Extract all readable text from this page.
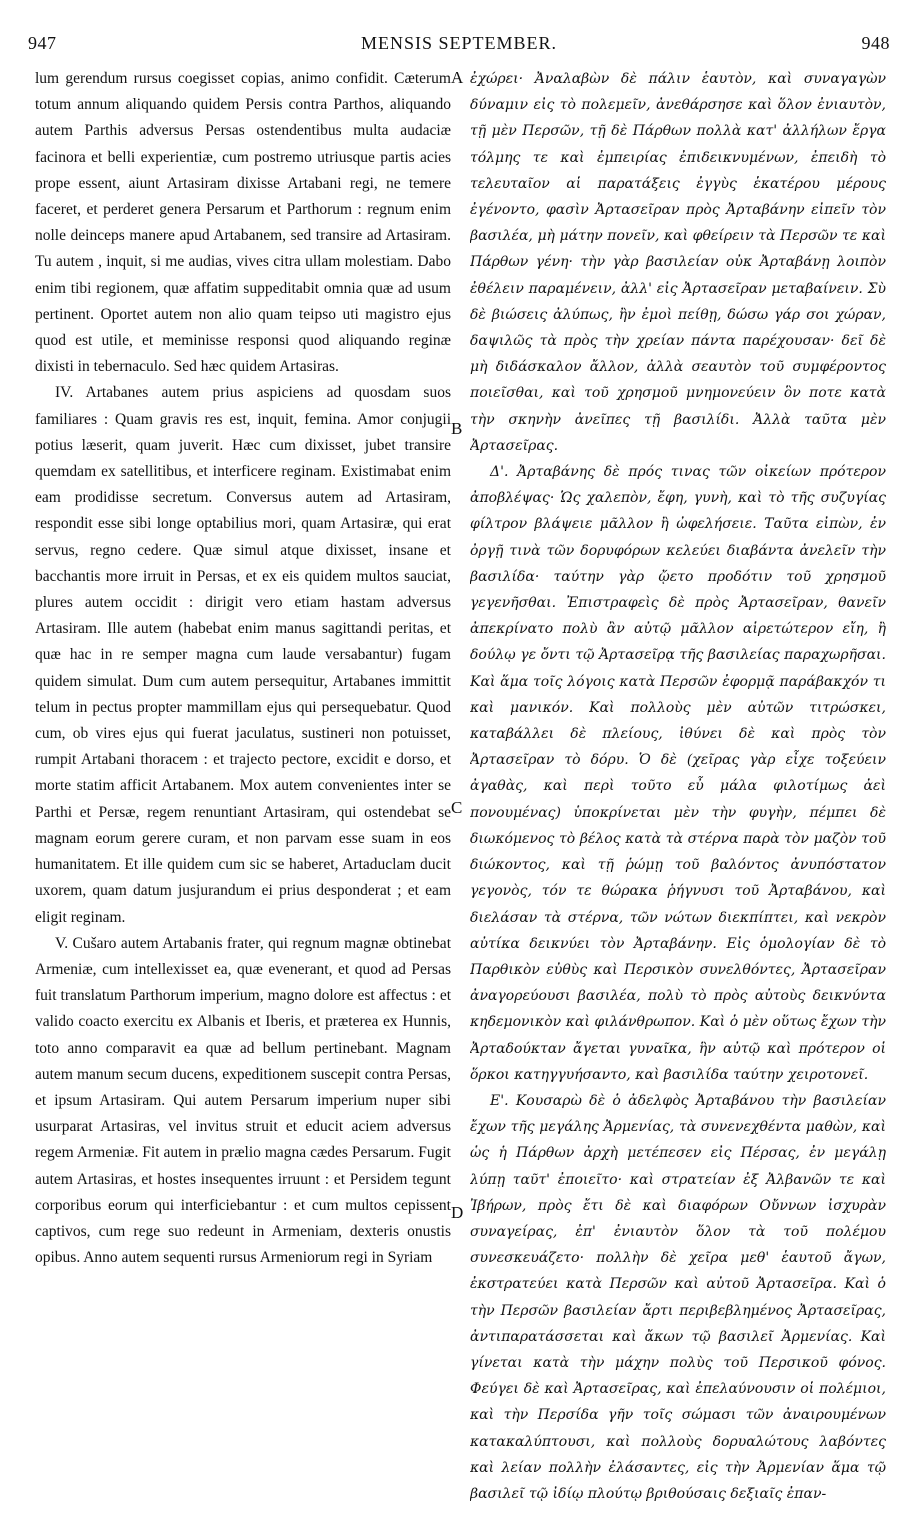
947	MENSIS SEPTEMBER.	948

lum gerendum rursus coegisset copias, animo confidit. Cæterum totum annum aliquando quidem Persis contra Parthos, aliquando autem Parthis adversus Persas ostendentibus multa audaciæ facinora et belli experientiæ, cum postremo utriusque partis acies prope essent, aiunt Artasiram dixisse Artabani regi, ne temere faceret, et perderet genera Persarum et Parthorum : regnum enim nolle deinceps manere apud Artabanem, sed transire ad Artasiram. Tu autem , inquit, si me audias, vives citra ullam molestiam. Dabo enim tibi regionem, quæ affatim suppeditabit omnia quæ ad usum pertinent. Oportet autem non alio quam teipso uti magistro ejus quod est utile, et meminisse responsi quod aliquando reginæ dixisti in tebernaculo. Sed hæc quidem Artasiras.

IV. Artabanes autem prius aspiciens ad quosdam suos familiares : Quam gravis res est, inquit, femina. Amor conjugii potius læserit, quam juverit. Hæc cum dixisset, jubet transire quemdam ex satellitibus, et interficere reginam. Existimabat enim eam prodidisse secretum. Conversus autem ad Artasiram, respondit esse sibi longe optabilius mori, quam Artasiræ, qui erat servus, regno cedere. Quæ simul atque dixisset, insane et bacchantis more irruit in Persas, et ex eis quidem multos sauciat, plures autem occidit : dirigit vero etiam hastam adversus Artasiram. Ille autem (habebat enim manus sagittandi peritas, et quæ hac in re semper magna cum laude versabantur) fugam quidem simulat. Dum cum autem persequitur, Artabanes immittit telum in pectus propter mammillam ejus qui persequebatur. Quod cum, ob vires ejus qui fuerat jaculatus, sustineri non potuisset, rumpit Artabani thoracem : et trajecto pectore, excidit e dorso, et morte statim afficit Artabanem. Mox autem convenientes inter se Parthi et Persæ, regem renuntiant Artasiram, qui ostendebat se magnam eorum gerere curam, et non parvam esse suam in eos humanitatem. Et ille quidem cum sic se haberet, Artaduclam ducit uxorem, quam datum jusjurandum ei prius desponderat ; et eam eligit reginam.

V. Cušaro autem Artabanis frater, qui regnum magnæ obtinebat Armeniæ, cum intellexisset ea, quæ evenerant, et quod ad Persas fuit translatum Parthorum imperium, magno dolore est affectus : et valido coacto exercitu ex Albanis et Iberis, et præterea ex Hunnis, toto anno comparavit ea quæ ad bellum pertinebant. Magnam autem manum secum ducens, expeditionem suscepit contra Persas, et ipsum Artasiram. Qui autem Persarum imperium nuper sibi usurparat Artasiras, vel invitus struit et educit aciem adversus regem Armeniæ. Fit autem in prælio magna cædes Persarum. Fugit autem Artasiras, et hostes insequentes irruunt : et Persidem tegunt corporibus eorum qui interficiebantur : et cum multos cepissent captivos, cum rege suo redeunt in Armeniam, dexteris onustis opibus. Anno autem sequenti rursus Armeniorum regi in Syriam

A
B
C
D

ἐχώρει· Ἀναλαβὼν δὲ πάλιν ἑαυτὸν, καὶ συναγαγὼν δύναμιν εἰς τὸ πολεμεῖν, ἀνεθάρσησε καὶ ὅλον ἐνιαυτὸν, τῇ μὲν Περσῶν, τῇ δὲ Πάρθων πολλὰ κατ' ἀλλήλων ἔργα τόλμης τε καὶ ἐμπειρίας ἐπιδεικνυμένων, ἐπειδὴ τὸ τελευταῖον αἱ παρατάξεις ἐγγὺς ἑκατέρου μέρους ἐγένοντο, φασὶν Ἀρτασεῖραν πρὸς Ἀρταβάνην εἰπεῖν τὸν βασιλέα, μὴ μάτην πονεῖν, καὶ φθείρειν τὰ Περσῶν τε καὶ Πάρθων γένη· τὴν γὰρ βασιλείαν οὐκ Ἀρταβάνῃ λοιπὸν ἐθέλειν παραμένειν, ἀλλ' εἰς Ἀρτασεῖραν μεταβαίνειν. Σὺ δὲ βιώσεις ἀλύπως, ἢν ἐμοὶ πείθῃ, δώσω γάρ σοι χώραν, δαψιλῶς τὰ πρὸς τὴν χρείαν πάντα παρέχουσαν· δεῖ δὲ μὴ διδάσκαλον ἄλλον, ἀλλὰ σεαυτὸν τοῦ συμφέροντος ποιεῖσθαι, καὶ τοῦ χρησμοῦ μνημονεύειν ὃν ποτε κατὰ τὴν σκηνὴν ἀνεῖπες τῇ βασιλίδι. Ἀλλὰ ταῦτα μὲν Ἀρτασεῖρας.

Δ'. Ἀρταβάνης δὲ πρός τινας τῶν οἰκείων πρότερον ἀποβλέψας· Ὡς χαλεπὸν, ἔφη, γυνὴ, καὶ τὸ τῆς συζυγίας φίλτρον βλάψειε μᾶλλον ἢ ὠφελήσειε. Ταῦτα εἰπὼν, ἐν ὀργῇ τινὰ τῶν δορυφόρων κελεύει διαβάντα ἀνελεῖν τὴν βασιλίδα· ταύτην γὰρ ᾤετο προδότιν τοῦ χρησμοῦ γεγενῆσθαι. Ἐπιστραφεὶς δὲ πρὸς Ἀρτασεῖραν, θανεῖν ἀπεκρίνατο πολὺ ἂν αὐτῷ μᾶλλον αἱρετώτερον εἴη, ἢ δούλῳ γε ὄντι τῷ Ἀρτασεῖρᾳ τῆς βασιλείας παραχωρῆσαι. Καὶ ἅμα τοῖς λόγοις κατὰ Περσῶν ἐφορμᾷ παράβακχόν τι καὶ μανικόν. Καὶ πολλοὺς μὲν αὐτῶν τιτρώσκει, καταβάλλει δὲ πλείους, ἰθύνει δὲ καὶ πρὸς τὸν Ἀρτασεῖραν τὸ δόρυ. Ὁ δὲ (χεῖρας γὰρ εἶχε τοξεύειν ἀγαθὰς, καὶ περὶ τοῦτο εὖ μάλα φιλοτίμως ἀεὶ πονουμένας) ὑποκρίνεται μὲν τὴν φυγὴν, πέμπει δὲ διωκόμενος τὸ βέλος κατὰ τὰ στέρνα παρὰ τὸν μαζὸν τοῦ διώκοντος, καὶ τῇ ῥώμῃ τοῦ βαλόντος ἀνυπόστατον γεγονὸς, τόν τε θώρακα ῥήγνυσι τοῦ Ἀρταβάνου, καὶ διελάσαν τὰ στέρνα, τῶν νώτων διεκπίπτει, καὶ νεκρὸν αὐτίκα δεικνύει τὸν Ἀρταβάνην. Εἰς ὁμολογίαν δὲ τὸ Παρθικὸν εὐθὺς καὶ Περσικὸν συνελθόντες, Ἀρτασεῖραν ἀναγορεύουσι βασιλέα, πολὺ τὸ πρὸς αὐτοὺς δεικνύντα κηδεμονικὸν καὶ φιλάνθρωπον. Καὶ ὁ μὲν οὕτως ἔχων τὴν Ἀρταδούκταν ἄγεται γυναῖκα, ἣν αὐτῷ καὶ πρότερον οἱ ὅρκοι κατηγγυήσαντο, καὶ βασιλίδα ταύτην χειροτονεῖ.

Ε'. Κουσαρὼ δὲ ὁ ἀδελφὸς Ἀρταβάνου τὴν βασιλείαν ἔχων τῆς μεγάλης Ἀρμενίας, τὰ συνενεχθέντα μαθὼν, καὶ ὡς ἡ Πάρθων ἀρχὴ μετέπεσεν εἰς Πέρσας, ἐν μεγάλῃ λύπῃ ταῦτ' ἐποιεῖτο· καὶ στρατείαν ἐξ Ἀλβανῶν τε καὶ Ἰβήρων, πρὸς ἔτι δὲ καὶ διαφόρων Οὔννων ἰσχυρὰν συναγείρας, ἐπ' ἐνιαυτὸν ὅλον τὰ τοῦ πολέμου συνεσκευάζετο· πολλὴν δὲ χεῖρα μεθ' ἑαυτοῦ ἄγων, ἐκστρατεύει κατὰ Περσῶν καὶ αὐτοῦ Ἀρτασεῖρα. Καὶ ὁ τὴν Περσῶν βασιλείαν ἄρτι περιβεβλημένος Ἀρτασεῖρας, ἀντιπαρατάσσεται καὶ ἄκων τῷ βασιλεῖ Ἀρμενίας. Καὶ γίνεται κατὰ τὴν μάχην πολὺς τοῦ Περσικοῦ φόνος. Φεύγει δὲ καὶ Ἀρτασεῖρας, καὶ ἐπελαύνουσιν οἱ πολέμιοι, καὶ τὴν Περσίδα γῆν τοῖς σώμασι τῶν ἀναιρουμένων κατακαλύπτουσι, καὶ πολλοὺς δορυαλώτους λαβόντες καὶ λείαν πολλὴν ἐλάσαντες, εἰς τὴν Ἀρμενίαν ἅμα τῷ βασιλεῖ τῷ ἰδίῳ πλούτῳ βριθούσαις δεξιαῖς ἐπαν-
